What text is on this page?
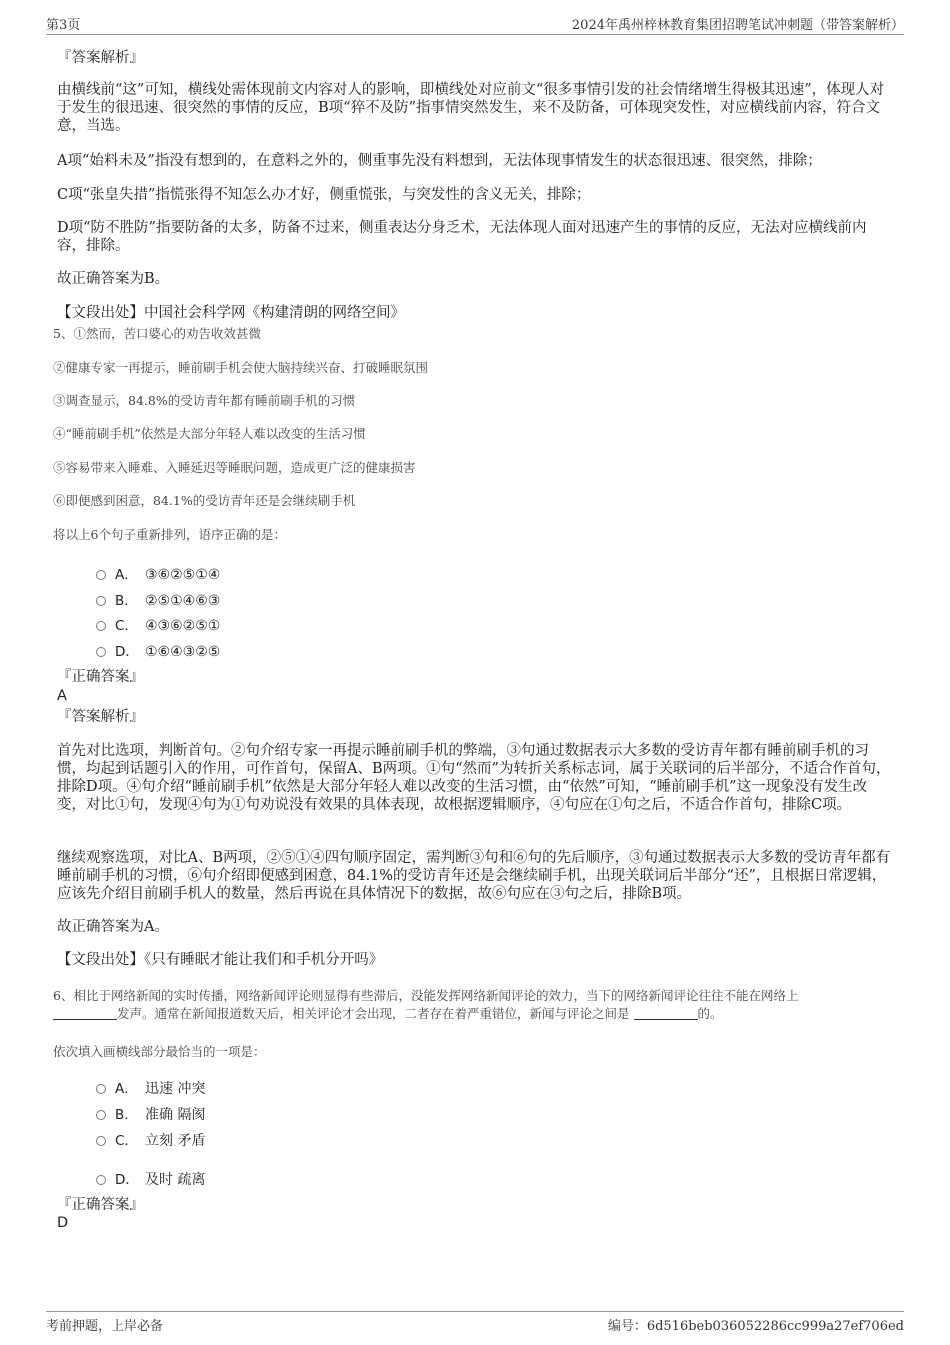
第3页	2024年禹州梓林教育集团招聘笔试冲刺题（带答案解析）
『答案解析』
由横线前“这”可知，横线处需体现前文内容对人的影响，即横线处对应前文“很多事情引发的社会情绪增生得极其迅速”，体现人对于发生的很迅速、很突然的事情的反应，B项“猝不及防”指事情突然发生，来不及防备，可体现突发性，对应横线前内容，符合文意，当选。
A项“始料未及”指没有想到的，在意料之外的，侧重事先没有料想到，无法体现事情发生的状态很迅速、很突然，排除；
C项“张皇失措”指慌张得不知怎么办才好，侧重慌张，与突发性的含义无关，排除；
D项“防不胜防”指要防备的太多，防备不过来，侧重表达分身乏术，无法体现人面对迅速产生的事情的反应，无法对应横线前内容，排除。
故正确答案为B。
【文段出处】中国社会科学网《构建清朗的网络空间》
5、①然而，苦口婆心的劝告收效甚微
②健康专家一再提示，睡前刷手机会使大脑持续兴奋、打破睡眠氛围
③调查显示，84.8%的受访青年都有睡前刷手机的习惯
④“睡前刷手机”依然是大部分年轻人难以改变的生活习惯
⑤容易带来入睡难、入睡延迟等睡眠问题，造成更广泛的健康损害
⑥即便感到困意，84.1%的受访青年还是会继续刷手机
将以上6个句子重新排列，语序正确的是：
A． ③⑥②⑤①④
B． ②⑤①④⑥③
C． ④③⑥②⑤①
D． ①⑥④③②⑤
『正确答案』
A
『答案解析』
首先对比选项，判断首句。②句介绍专家一再提示睡前刷手机的弊端，③句通过数据表示大多数的受访青年都有睡前刷手机的习惯，均起到话题引入的作用，可作首句，保留A、B两项。①句“然而”为转折关系标志词，属于关联词的后半部分，不适合作首句，排除D项。④句介绍“睡前刷手机”依然是大部分年轻人难以改变的生活习惯，由“依然”可知，“睡前刷手机”这一现象没有发生改变，对比①句，发现④句为①句劝说没有效果的具体表现，故根据逻辑顺序，④句应在①句之后，不适合作首句，排除C项。
继续观察选项，对比A、B两项，②⑤①④四句顺序固定，需判断③句和⑥句的先后顺序，③句通过数据表示大多数的受访青年都有睡前刷手机的习惯，⑥句介绍即便感到困意，84.1%的受访青年还是会继续刷手机，出现关联词后半部分“还”，且根据日常逻辑，应该先介绍目前刷手机人的数量，然后再说在具体情况下的数据，故⑥句应在③句之后，排除B项。
故正确答案为A。
【文段出处】《只有睡眠才能让我们和手机分开吗》
6、相比于网络新闻的实时传播，网络新闻评论则显得有些滞后，没能发挥网络新闻评论的效力，当下的网络新闻评论往往不能在网络上
发声。通常在新闻报道数天后，相关评论才会出现，二者存在着严重错位，新闻与评论之间是	的。
依次填入画横线部分最恰当的一项是：
A． 迅速 冲突
B． 准确 隔阂
C． 立刻 矛盾
D． 及时 疏离
『正确答案』
D
考前押题，上岸必备	编号：6d516beb036052286cc999a27ef706ed
